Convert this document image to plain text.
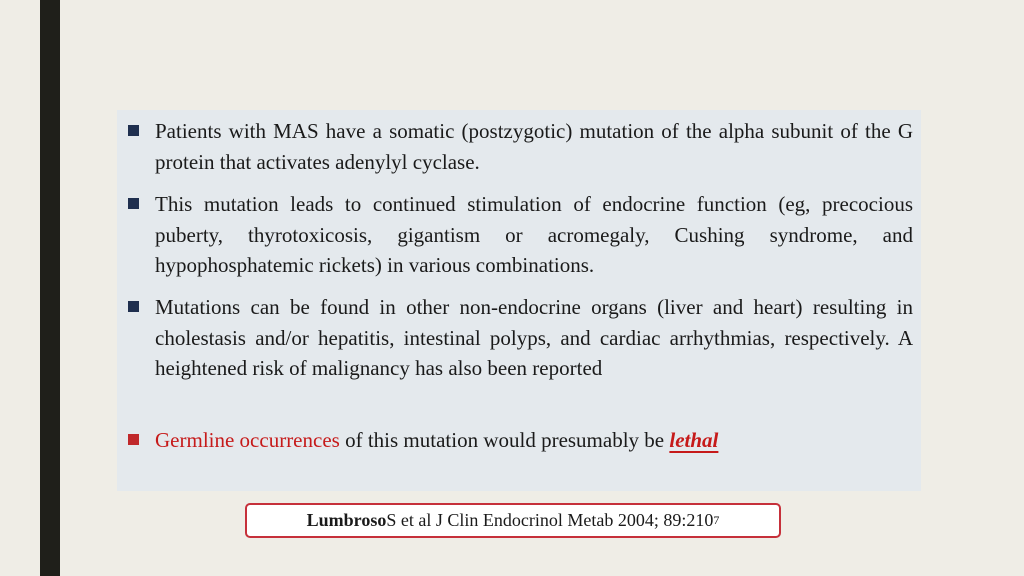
Patients with MAS have a somatic (postzygotic) mutation of the alpha subunit of the G protein that activates adenylyl cyclase.
This mutation leads to continued stimulation of endocrine function (eg, precocious puberty, thyrotoxicosis, gigantism or acromegaly, Cushing syndrome, and hypophosphatemic rickets) in various combinations.
Mutations can be found in other non-endocrine organs (liver and heart) resulting in cholestasis and/or hepatitis, intestinal polyps, and cardiac arrhythmias, respectively. A heightened risk of malignancy has also been reported
Germline occurrences of this mutation would presumably be lethal
Lumbroso S et al J Clin Endocrinol Metab 2004; 89:210 7
